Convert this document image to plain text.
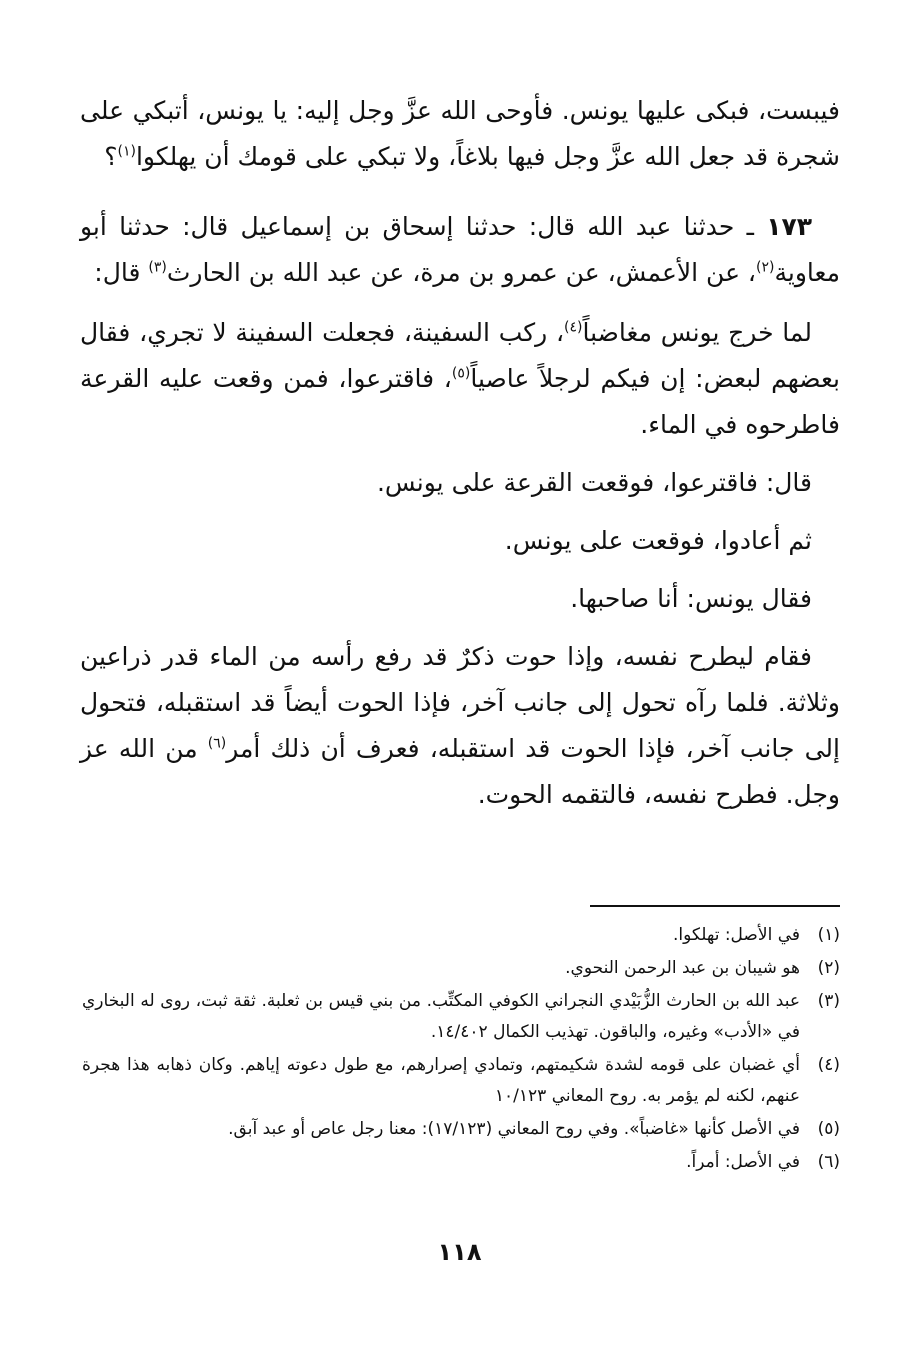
فيبست، فبكى عليها يونس. فأوحى الله عزَّ وجل إليه: يا يونس، أتبكي على شجرة قد جعل الله عزَّ وجل فيها بلاغاً، ولا تبكي على قومك أن يهلكوا$^{(١)}$؟

١٧٣ ـ حدثنا عبد الله قال: حدثنا إسحاق بن إسماعيل قال: حدثنا أبو معاوية$^{(٢)}$، عن الأعمش، عن عمرو بن مرة، عن عبد الله بن الحارث$^{(٣)}$ قال:

لما خرج يونس مغاضباً$^{(٤)}$، ركب السفينة، فجعلت السفينة لا تجري، فقال بعضهم لبعض: إن فيكم لرجلاً عاصياً$^{(٥)}$، فاقترعوا، فمن وقعت عليه القرعة فاطرحوه في الماء.

قال: فاقترعوا، فوقعت القرعة على يونس.

ثم أعادوا، فوقعت على يونس.

فقال يونس: أنا صاحبها.

فقام ليطرح نفسه، وإذا حوت ذكرٌ قد رفع رأسه من الماء قدر ذراعين وثلاثة. فلما رآه تحول إلى جانب آخر، فإذا الحوت أيضاً قد استقبله، فتحول إلى جانب آخر، فإذا الحوت قد استقبله، فعرف أن ذلك أمر$^{(٦)}$ من الله عز وجل. فطرح نفسه، فالتقمه الحوت.

(١)
في الأصل: تهلكوا.
(٢)
هو شيبان بن عبد الرحمن النحوي.
(٣)
عبد الله بن الحارث الزُّبَيْدي النجراني الكوفي المكتِّب. من بني قيس بن ثعلبة. ثقة ثبت، روى له البخاري في «الأدب» وغيره، والباقون. تهذيب الكمال ١٤/٤٠٢.
(٤)
أي غضبان على قومه لشدة شكيمتهم، وتمادي إصرارهم، مع طول دعوته إياهم. وكان ذهابه هذا هجرة عنهم، لكنه لم يؤمر به. روح المعاني ١٠/١٢٣
(٥)
في الأصل كأنها «غاضباً». وفي روح المعاني (١٧/١٢٣): معنا رجل عاص أو عبد آبق.
(٦)
في الأصل: أمراً.
١١٨
